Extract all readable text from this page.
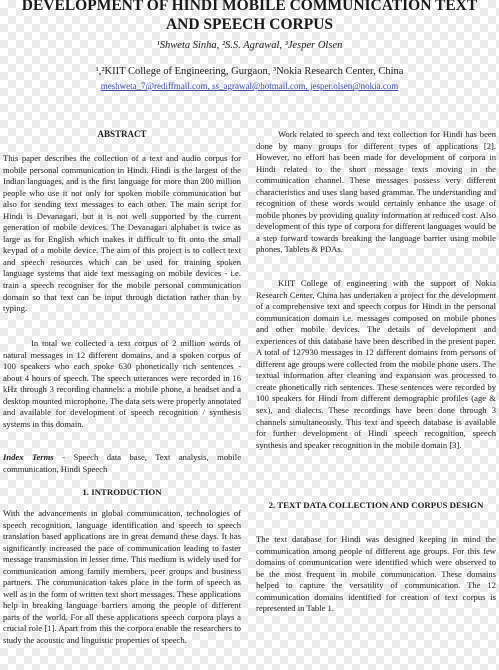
DEVELOPMENT OF HINDI MOBILE COMMUNICATION TEXT AND SPEECH CORPUS
¹Shweta Sinha, ²S.S. Agrawal, ³Jesper Olsen
¹,²KIIT College of Engineering, Gurgaon, ³Nokia Research Center, China
meshweta_7@rediffmail.com, ss_agrawal@hotmail.com, jesper.olsen@nokia.com
ABSTRACT

This paper describes the collection of a text and audio corpus for mobile personal communication in Hindi. Hindi is the largest of the Indian languages, and is the first language for more than 200 million people who use it not only for spoken mobile communication but also for sending text messages to each other. The main script for Hindi is Devanagari, but it is not well supported by the current generation of mobile devices. The Devanagari alphabet is twice as large as for English which makes it difficult to fit onto the small keypad of a mobile device. The aim of this project is to collect text and speech resources which can be used for training spoken language systems that aide text messaging on mobile devices - i.e. train a speech recogniser for the mobile personal communication domain so that text can be input through dictation rather than by typing.

In total we collected a text corpus of 2 million words of natural messages in 12 different domains, and a spoken corpus of 100 speakers who each spoke 630 phonetically rich sentences - about 4 hours of speech. The speech utterances were recorded in 16 kHz through 3 recording channels: a mobile phone, a headset and a desktop mounted microphone. The data sets were properly annotated and available for development of speech recognition / synthesis systems in this domain.

Index Terms - Speech data base, Text analysis, mobile communication, Hindi Speech

1. INTRODUCTION

With the advancements in global communication, technologies of speech recognition, language identification and speech to speech translation based applications are in great demand these days. It has significantly increased the pace of communication leading to faster message transmission in lesser time. This medium is widely used for communication among family members, peer groups and business partners. The communication takes place in the form of speech as well as in the form of written text short messages. These applications help in breaking language barriers among the people of different parts of the world. For all these applications speech corpora plays a crucial role [1]. Apart from this the corpora enable the researchers to study the acoustic and linguistic properties of speech.

Work related to speech and text collection for Hindi has been done by many groups for different types of applications [2]. However, no effort has been made for development of corpora in Hindi related to the short message texts moving in the communication channel. These messages possess very different characteristics and uses slang based grammar. The understanding and recognition of these words would certainly enhance the usage of mobile phones by providing quality information at reduced cost. Also development of this type of corpora for different languages would be a step forward towards breaking the language barrier using mobile phones, Tablets & PDAs.

KIIT College of engineering with the support of Nokia Research Center, China has undertaken a project for the development of a comprehensive text and speech corpus for Hindi in the personal communication domain i.e. messages composed on mobile phones and other mobile devices. The details of development and experiences of this database have been described in the present paper. A total of 127930 messages in 12 different domains from persons of different age groups were collected from the mobile phone users. The textual information after cleaning and expansion was processed to create phonetically rich sentences. These sentences were recorded by 100 speakers for Hindi from different demographic profiles (age & sex), and dialects. These recordings have been done through 3 channels simultaneously. This text and speech database is available for further development of Hindi speech recognition, speech synthesis and speaker recognition in the mobile domain [3].

2. TEXT DATA COLLECTION AND CORPUS DESIGN

The text database for Hindi was designed keeping in mind the communication among people of different age groups. For this few domains of communication were identified which were observed to be the most frequent in mobile communication. These domains helped to capture the versatility of communication. The 12 communication domains identified for creation of text corpus is represented in Table 1.
